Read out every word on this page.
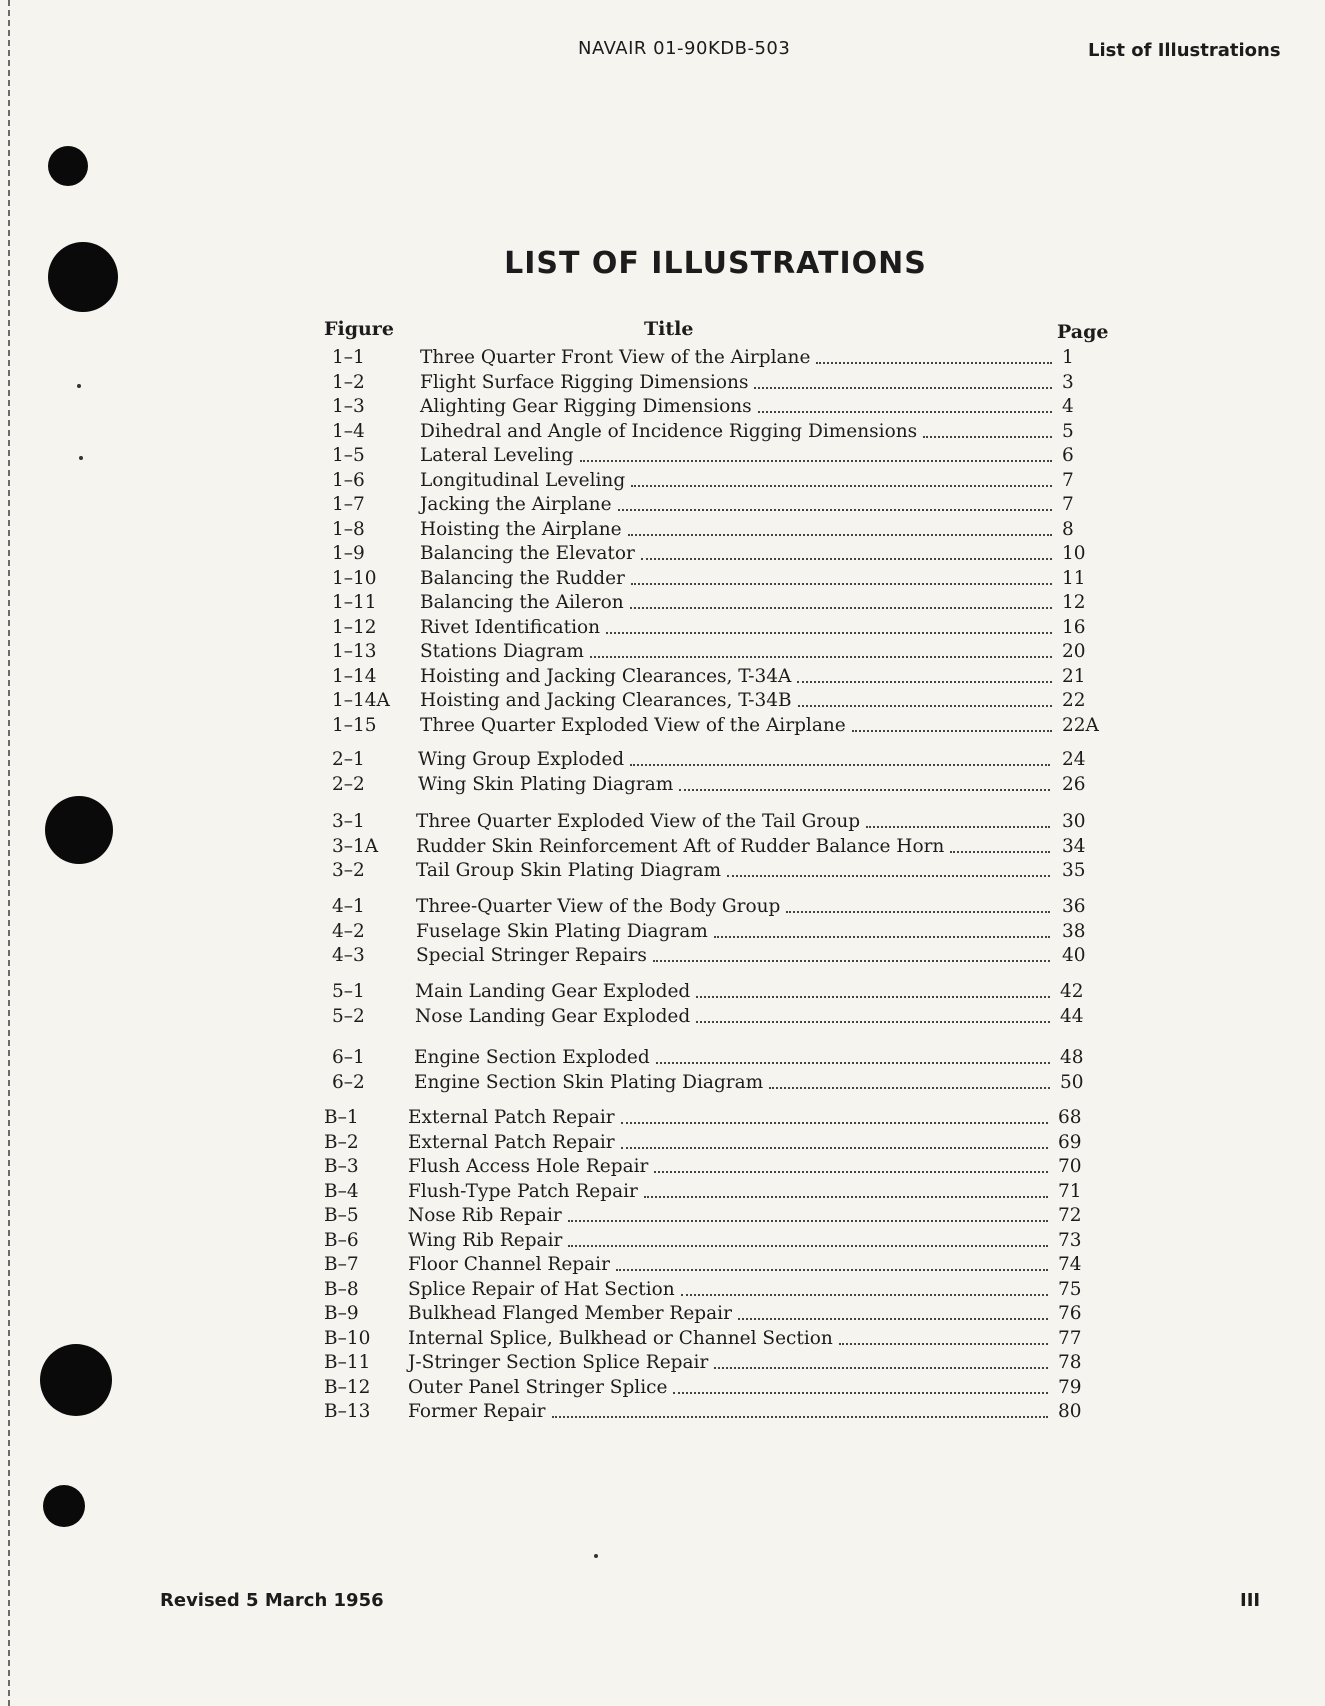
NAVAIR 01-90KDB-503	List of Illustrations
LIST OF ILLUSTRATIONS
Figure	Title	Page
1–1	Three Quarter Front View of the Airplane	1
1–2	Flight Surface Rigging Dimensions	3
1–3	Alighting Gear Rigging Dimensions	4
1–4	Dihedral and Angle of Incidence Rigging Dimensions	5
1–5	Lateral Leveling	6
1–6	Longitudinal Leveling	7
1–7	Jacking the Airplane	7
1–8	Hoisting the Airplane	8
1–9	Balancing the Elevator	10
1–10	Balancing the Rudder	11
1–11	Balancing the Aileron	12
1–12	Rivet Identification	16
1–13	Stations Diagram	20
1–14	Hoisting and Jacking Clearances, T-34A	21
1–14A	Hoisting and Jacking Clearances, T-34B	22
1–15	Three Quarter Exploded View of the Airplane	22A
2–1	Wing Group Exploded	24
2–2	Wing Skin Plating Diagram	26
3–1	Three Quarter Exploded View of the Tail Group	30
3–1A	Rudder Skin Reinforcement Aft of Rudder Balance Horn	34
3–2	Tail Group Skin Plating Diagram	35
4–1	Three-Quarter View of the Body Group	36
4–2	Fuselage Skin Plating Diagram	38
4–3	Special Stringer Repairs	40
5–1	Main Landing Gear Exploded	42
5–2	Nose Landing Gear Exploded	44
6–1	Engine Section Exploded	48
6–2	Engine Section Skin Plating Diagram	50
B–1	External Patch Repair	68
B–2	External Patch Repair	69
B–3	Flush Access Hole Repair	70
B–4	Flush-Type Patch Repair	71
B–5	Nose Rib Repair	72
B–6	Wing Rib Repair	73
B–7	Floor Channel Repair	74
B–8	Splice Repair of Hat Section	75
B–9	Bulkhead Flanged Member Repair	76
B–10	Internal Splice, Bulkhead or Channel Section	77
B–11	J-Stringer Section Splice Repair	78
B–12	Outer Panel Stringer Splice	79
B–13	Former Repair	80
Revised 5 March 1956	III
